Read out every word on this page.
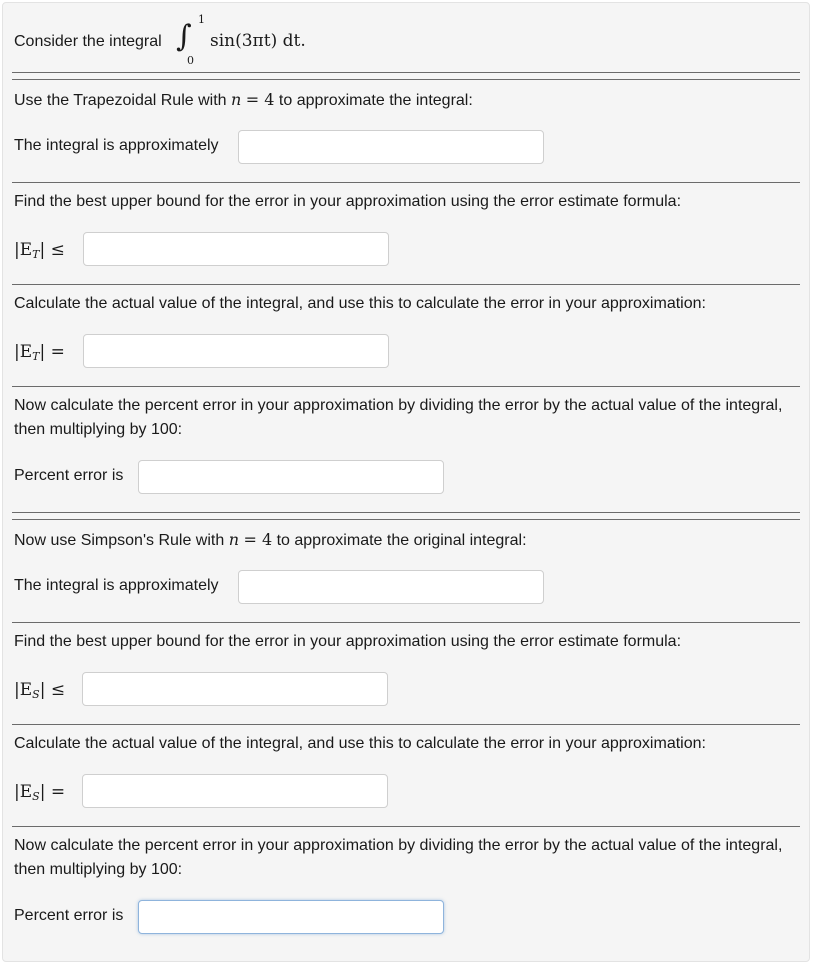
Consider the integral ∫ 1
0
sin(3πt) dt.
Use the Trapezoidal Rule with n = 4 to approximate the integral:
The integral is approximately
Find the best upper bound for the error in your approximation using the error estimate formula:
$|E_T|$ ≤
Calculate the actual value of the integral, and use this to calculate the error in your approximation:
$|E_T|$ =
Now calculate the percent error in your approximation by dividing the error by the actual value of the integral, then multiplying by 100:
Percent error is
Now use Simpson's Rule with n = 4 to approximate the original integral:
The integral is approximately
Find the best upper bound for the error in your approximation using the error estimate formula:
$|E_S|$ ≤
Calculate the actual value of the integral, and use this to calculate the error in your approximation:
$|E_S|$ =
Now calculate the percent error in your approximation by dividing the error by the actual value of the integral, then multiplying by 100:
Percent error is
